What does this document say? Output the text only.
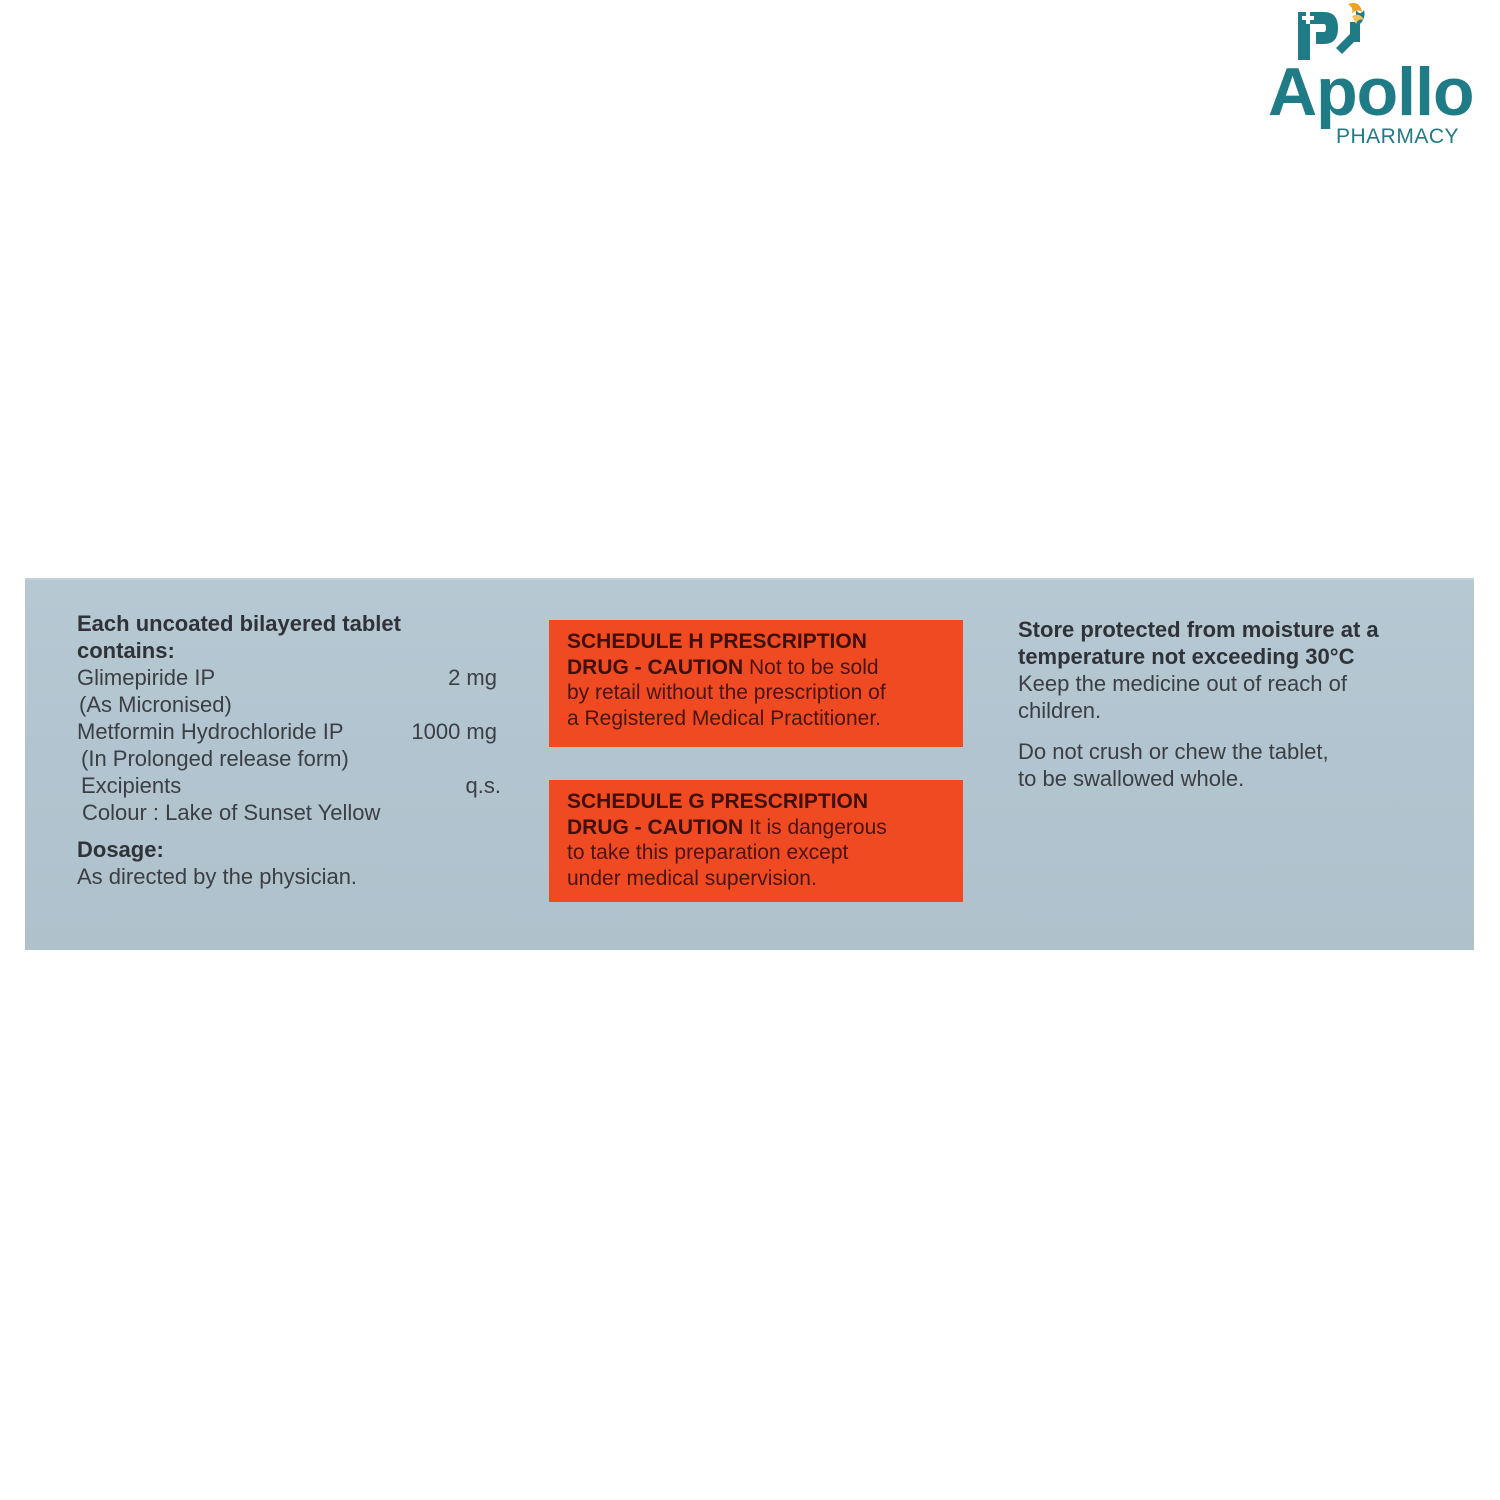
Apollo

PHARMACY

Each uncoated bilayered tablet
contains:
Glimepiride IP	2 mg
(As Micronised)
Metformin Hydrochloride IP	1000 mg
(In Prolonged release form)
Excipients	q.s.
Colour : Lake of Sunset Yellow
Dosage:
As directed by the physician.
SCHEDULE H PRESCRIPTION
DRUG - CAUTION Not to be sold
by retail without the prescription of
a Registered Medical Practitioner.
SCHEDULE G PRESCRIPTION
DRUG - CAUTION It is dangerous
to take this preparation except
under medical supervision.

Store protected from moisture at a

temperature not exceeding 30°C

Keep the medicine out of reach of

children.

Do not crush or chew the tablet,

to be swallowed whole.
